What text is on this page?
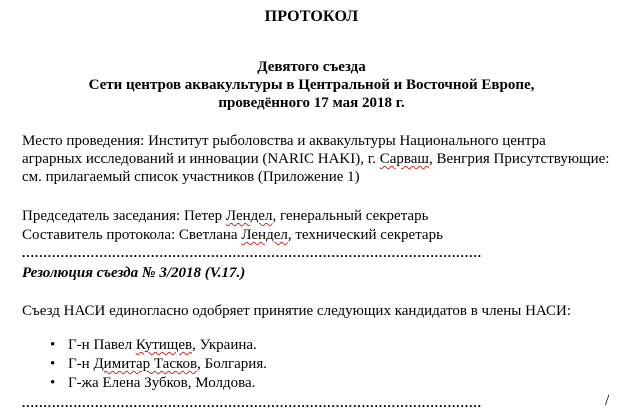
ПРОТОКОЛ
Девятого съезда
Сети центров аквакультуры в Центральной и Восточной Европе,
проведённого 17 мая 2018 г.
Место проведения: Институт рыболовства и аквакультуры Национального центра
аграрных исследований и инновации (NARIC HAKI), г. Сарваш, Венгрия Присутствующие:
см. прилагаемый список участников (Приложение 1)
Председатель заседания: Петер Лендел, генеральный секретарь
Составитель протокола: Светлана Лендел, технический секретарь
...........................................................................................................
Резолюция съезда № 3/2018 (V.17.)
Съезд НАСИ единогласно одобряет принятие следующих кандидатов в члены НАСИ:
• Г-н Павел Кутищев, Украина.
• Г-н Димитар Тасков, Болгария.
• Г-жа Елена Зубков, Молдова.
...........................................................................................................	/
